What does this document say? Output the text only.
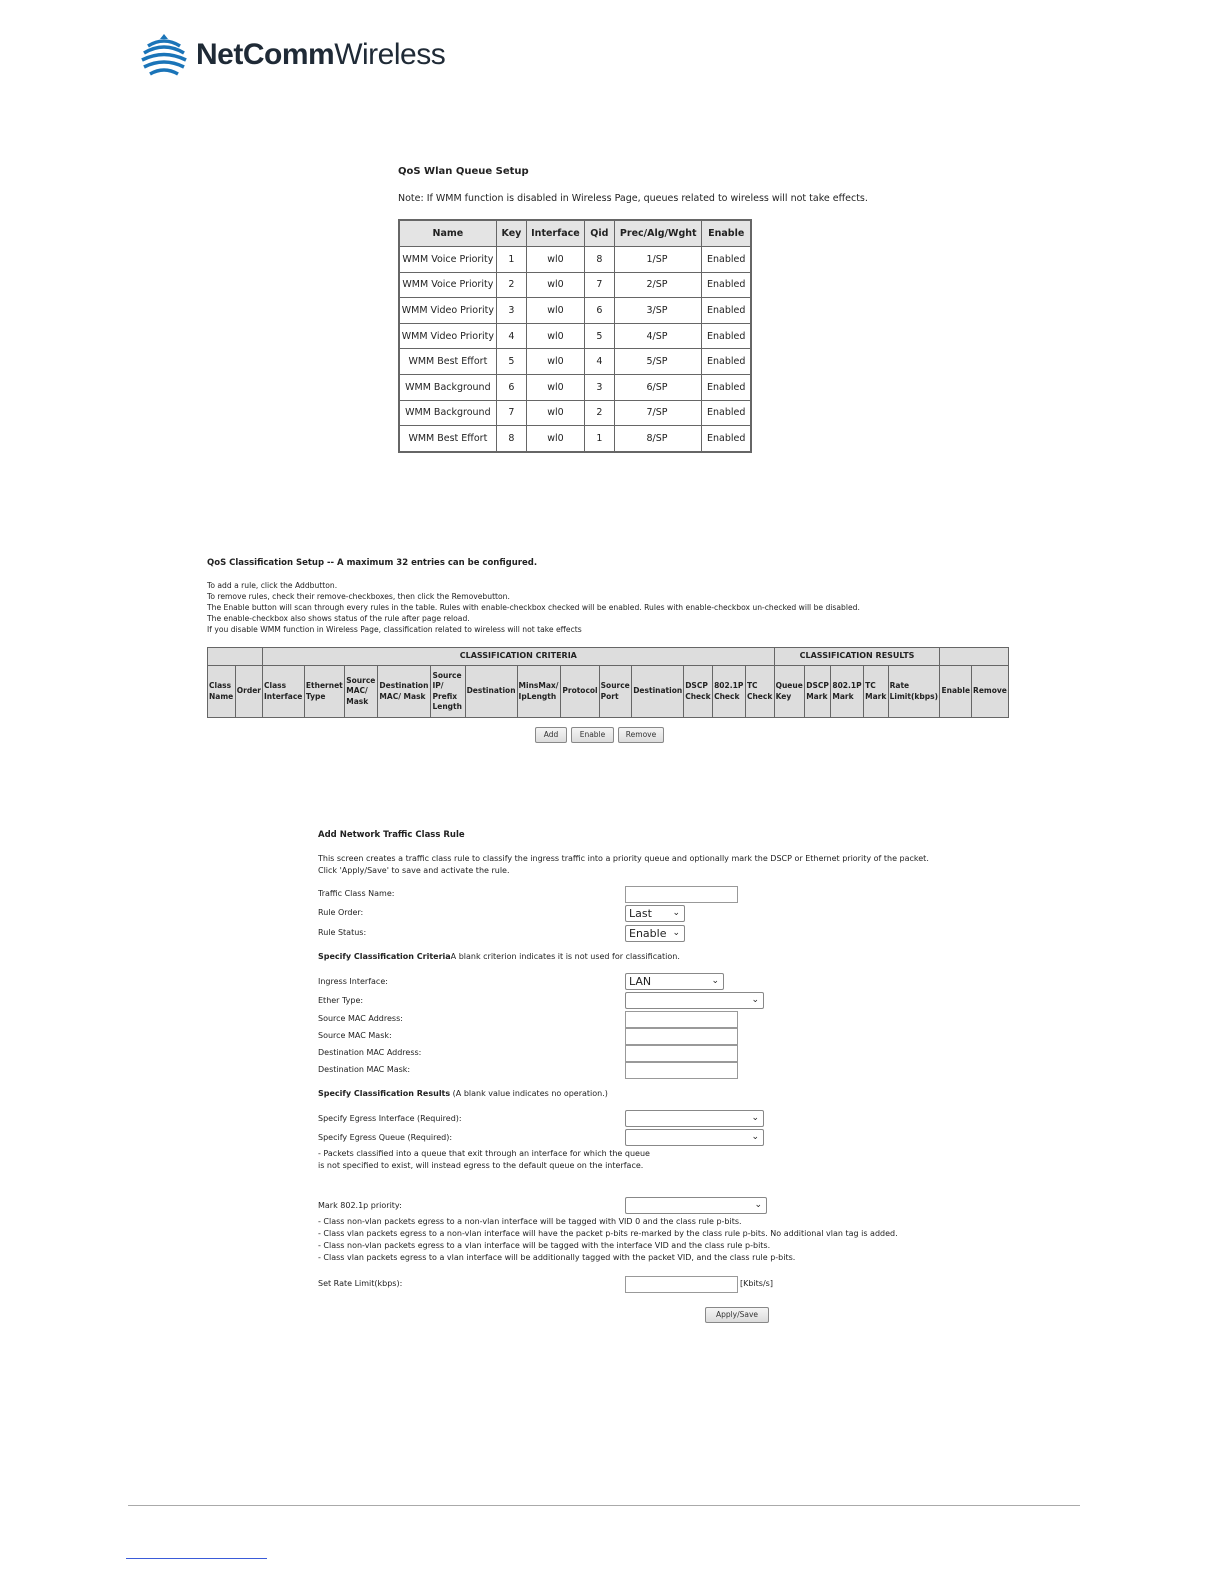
NetCommWireless
QoS Wlan Queue Setup
Note: If WMM function is disabled in Wireless Page, queues related to wireless will not take effects.
Name	Key	Interface	Qid	Prec/Alg/Wght	Enable
WMM Voice Priority	1	wl0	8	1/SP	Enabled
WMM Voice Priority	2	wl0	7	2/SP	Enabled
WMM Video Priority	3	wl0	6	3/SP	Enabled
WMM Video Priority	4	wl0	5	4/SP	Enabled
WMM Best Effort	5	wl0	4	5/SP	Enabled
WMM Background	6	wl0	3	6/SP	Enabled
WMM Background	7	wl0	2	7/SP	Enabled
WMM Best Effort	8	wl0	1	8/SP	Enabled
QoS Classification Setup -- A maximum 32 entries can be configured.
To add a rule, click the Addbutton.
To remove rules, check their remove-checkboxes, then click the Removebutton.
The Enable button will scan through every rules in the table. Rules with enable-checkbox checked will be enabled. Rules with enable-checkbox un-checked will be disabled.
The enable-checkbox also shows status of the rule after page reload.
If you disable WMM function in Wireless Page, classification related to wireless will not take effects
		CLASSIFICATION CRITERIA													CLASSIFICATION RESULTS						
Class Name	Order	Class Interface	Ethernet Type	Source MAC/ Mask	Destination MAC/ Mask	Source IP/ Prefix Length	Destination	MinsMax/ IpLength	Protocol	Source Port	Destination	DSCP Check	802.1P Check	TC Check	Queue Key	DSCP Mark	802.1P Mark	TC Mark	Rate Limit(kbps)	Enable	Remove
Add	Enable	Remove
Add Network Traffic Class Rule
This screen creates a traffic class rule to classify the ingress traffic into a priority queue and optionally mark the DSCP or Ethernet priority of the packet.
Click 'Apply/Save' to save and activate the rule.
Traffic Class Name:
Rule Order:	Last ⌄
Rule Status:	Enable ⌄
Specify Classification CriteriaA blank criterion indicates it is not used for classification.
Ingress Interface:	LAN	⌄
Ether Type:	⌄
Source MAC Address:
Source MAC Mask:
Destination MAC Address:
Destination MAC Mask:
Specify Classification Results (A blank value indicates no operation.)
Specify Egress Interface (Required):	⌄
Specify Egress Queue (Required):	⌄
- Packets classified into a queue that exit through an interface for which the queue
is not specified to exist, will instead egress to the default queue on the interface.
Mark 802.1p priority:	⌄
- Class non-vlan packets egress to a non-vlan interface will be tagged with VID 0 and the class rule p-bits.
- Class vlan packets egress to a non-vlan interface will have the packet p-bits re-marked by the class rule p-bits. No additional vlan tag is added.
- Class non-vlan packets egress to a vlan interface will be tagged with the interface VID and the class rule p-bits.
- Class vlan packets egress to a vlan interface will be additionally tagged with the packet VID, and the class rule p-bits.
Set Rate Limit(kbps):	[Kbits/s]
Apply/Save
